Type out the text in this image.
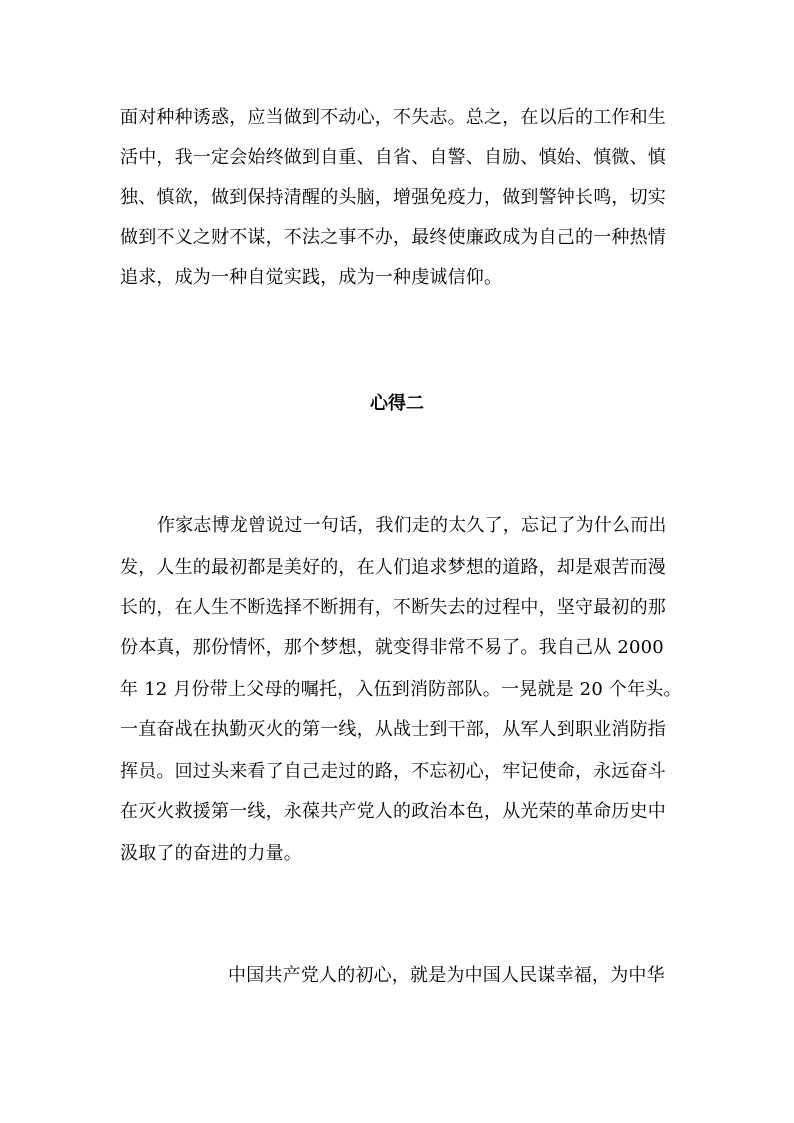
面对种种诱惑，应当做到不动心，不失志。总之，在以后的工作和生
活中，我一定会始终做到自重、自省、自警、自励、慎始、慎微、慎
独、慎欲，做到保持清醒的头脑，增强免疫力，做到警钟长鸣，切实
做到不义之财不谋，不法之事不办，最终使廉政成为自己的一种热情
追求，成为一种自觉实践，成为一种虔诚信仰。
心得二
作家志博龙曾说过一句话，我们走的太久了，忘记了为什么而出
发，人生的最初都是美好的，在人们追求梦想的道路，却是艰苦而漫
长的，在人生不断选择不断拥有，不断失去的过程中，坚守最初的那
份本真，那份情怀，那个梦想，就变得非常不易了。我自己从 2000
年 12 月份带上父母的嘱托，入伍到消防部队。一晃就是 20 个年头。
一直奋战在执勤灭火的第一线，从战士到干部，从军人到职业消防指
挥员。回过头来看了自己走过的路，不忘初心，牢记使命，永远奋斗
在灭火救援第一线，永葆共产党人的政治本色，从光荣的革命历史中
汲取了的奋进的力量。
中国共产党人的初心，就是为中国人民谋幸福，为中华
